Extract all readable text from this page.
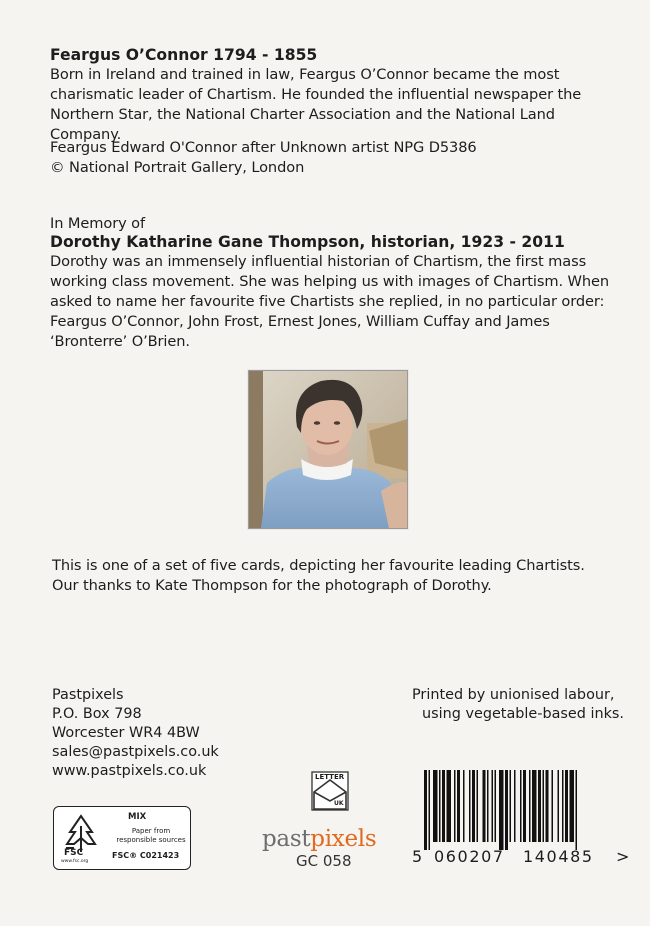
Feargus O’Connor 1794 - 1855
Born in Ireland and trained in law, Feargus O’Connor became the most
charismatic leader of Chartism. He founded the influential newspaper the
Northern Star, the National Charter Association and the National Land Company.
Feargus Edward O'Connor after Unknown artist NPG D5386
© National Portrait Gallery, London
In Memory of
Dorothy Katharine Gane Thompson, historian, 1923 - 2011
Dorothy was an immensely influential historian of Chartism, the first mass
working class movement. She was helping us with images of Chartism. When
asked to name her favourite five Chartists she replied, in no particular order:
Feargus O’Connor, John Frost, Ernest Jones, William Cuffay and James
‘Bronterre’ O’Brien.
This is one of a set of five cards, depicting her favourite leading Chartists.
Our thanks to Kate Thompson for the photograph of Dorothy.
Pastpixels
P.O. Box 798
Worcester WR4 4BW
sales@pastpixels.co.uk
www.pastpixels.co.uk
Printed by unionised labour,
using vegetable-based inks.
FSC
www.fsc.org
MIX
Paper from
responsible sources
FSC® C021423
LETTER
UK
pastpixels
GC 058	5 060207 140485 >
